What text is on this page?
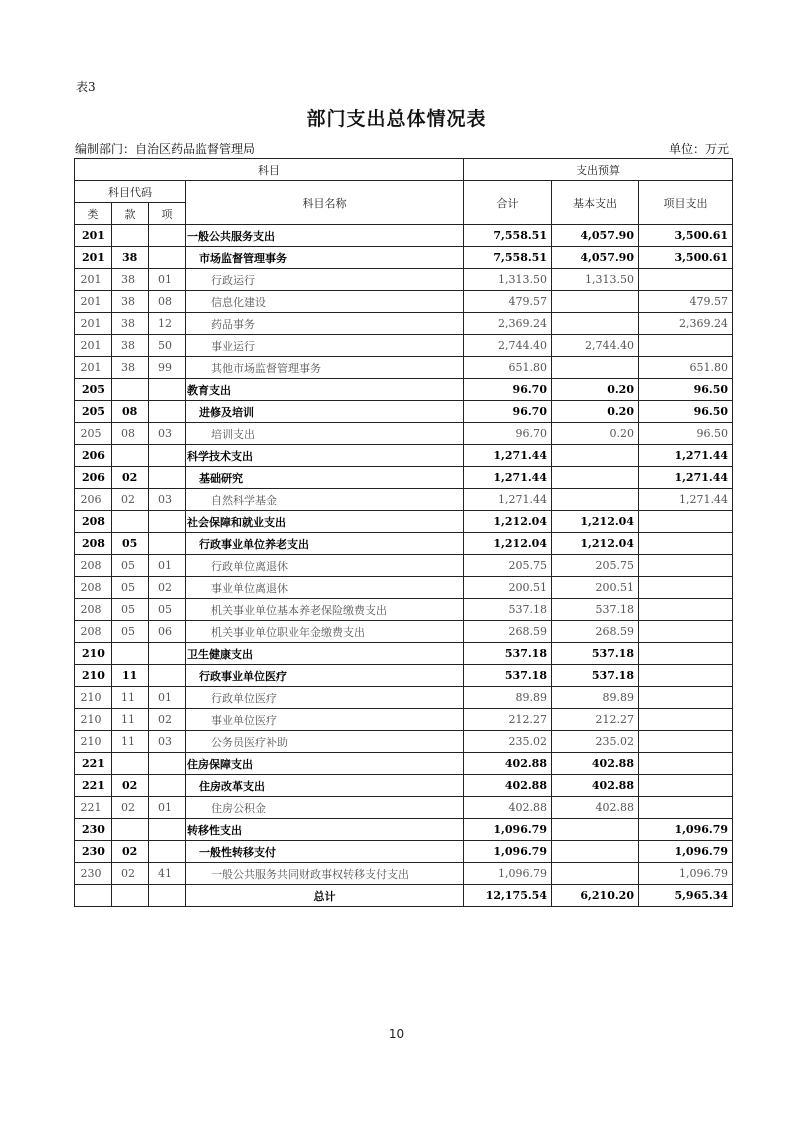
表3
部门支出总体情况表
编制部门：自治区药品监督管理局	单位：万元
科目				支出预算		
科目代码			科目名称	合计	基本支出	项目支出
类	款	项				
201			一般公共服务支出	7,558.51	4,057.90	3,500.61
201	38		市场监督管理事务	7,558.51	4,057.90	3,500.61
201	38	01	行政运行	1,313.50	1,313.50	
201	38	08	信息化建设	479.57		479.57
201	38	12	药品事务	2,369.24		2,369.24
201	38	50	事业运行	2,744.40	2,744.40	
201	38	99	其他市场监督管理事务	651.80		651.80
205			教育支出	96.70	0.20	96.50
205	08		进修及培训	96.70	0.20	96.50
205	08	03	培训支出	96.70	0.20	96.50
206			科学技术支出	1,271.44		1,271.44
206	02		基础研究	1,271.44		1,271.44
206	02	03	自然科学基金	1,271.44		1,271.44
208			社会保障和就业支出	1,212.04	1,212.04	
208	05		行政事业单位养老支出	1,212.04	1,212.04	
208	05	01	行政单位离退休	205.75	205.75	
208	05	02	事业单位离退休	200.51	200.51	
208	05	05	机关事业单位基本养老保险缴费支出	537.18	537.18	
208	05	06	机关事业单位职业年金缴费支出	268.59	268.59	
210			卫生健康支出	537.18	537.18	
210	11		行政事业单位医疗	537.18	537.18	
210	11	01	行政单位医疗	89.89	89.89	
210	11	02	事业单位医疗	212.27	212.27	
210	11	03	公务员医疗补助	235.02	235.02	
221			住房保障支出	402.88	402.88	
221	02		住房改革支出	402.88	402.88	
221	02	01	住房公积金	402.88	402.88	
230			转移性支出	1,096.79		1,096.79
230	02		一般性转移支付	1,096.79		1,096.79
230	02	41	一般公共服务共同财政事权转移支付支出	1,096.79		1,096.79
			总计	12,175.54	6,210.20	5,965.34
10
